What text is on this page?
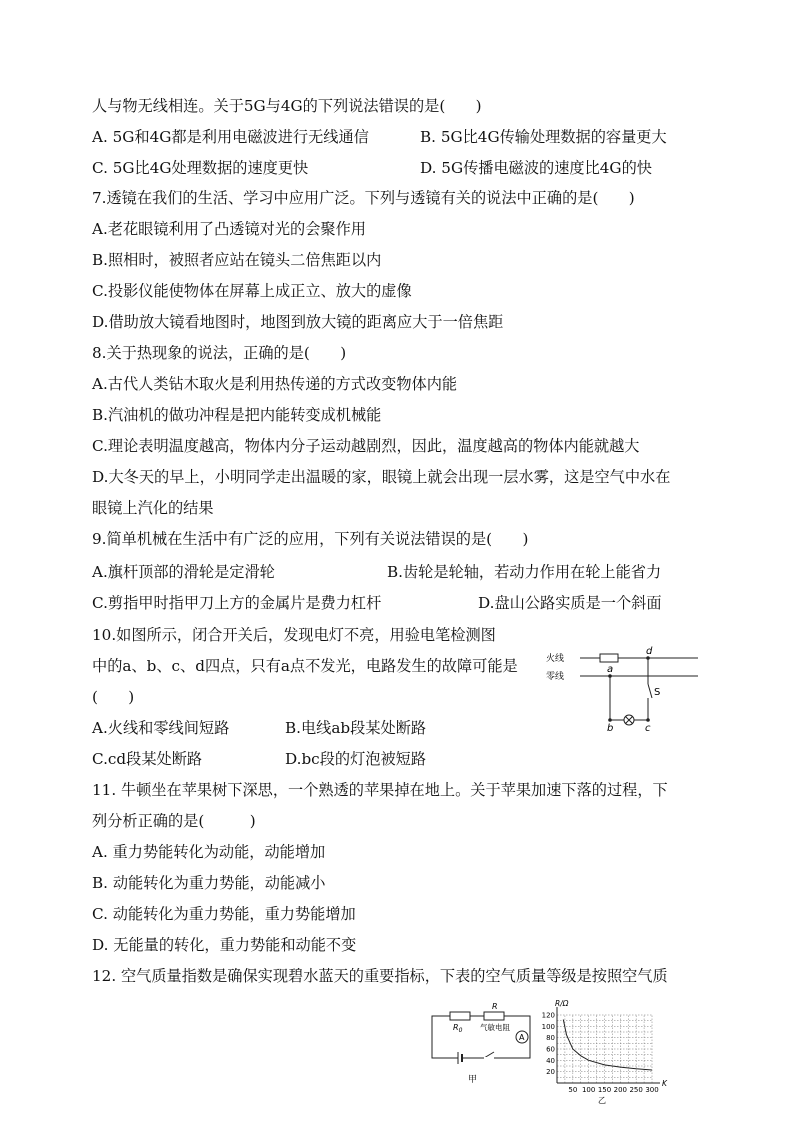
人与物无线相连。关于5G与4G的下列说法错误的是(　　)
A. 5G和4G都是利用电磁波进行无线通信	B. 5G比4G传输处理数据的容量更大
C. 5G比4G处理数据的速度更快	D. 5G传播电磁波的速度比4G的快
7.透镜在我们的生活、学习中应用广泛。下列与透镜有关的说法中正确的是(　　)
A.老花眼镜利用了凸透镜对光的会聚作用
B.照相时，被照者应站在镜头二倍焦距以内
C.投影仪能使物体在屏幕上成正立、放大的虚像
D.借助放大镜看地图时，地图到放大镜的距离应大于一倍焦距
8.关于热现象的说法，正确的是(　　)
A.古代人类钻木取火是利用热传递的方式改变物体内能
B.汽油机的做功冲程是把内能转变成机械能
C.理论表明温度越高，物体内分子运动越剧烈，因此，温度越高的物体内能就越大
D.大冬天的早上，小明同学走出温暖的家，眼镜上就会出现一层水雾，这是空气中水在
眼镜上汽化的结果
9.简单机械在生活中有广泛的应用，下列有关说法错误的是(　　)
A.旗杆顶部的滑轮是定滑轮	B.齿轮是轮轴，若动力作用在轮上能省力
C.剪指甲时指甲刀上方的金属片是费力杠杆	D.盘山公路实质是一个斜面
10.如图所示，闭合开关后，发现电灯不亮，用验电笔检测图
中的a、b、c、d四点，只有a点不发光，电路发生的故障可能是
(　　)
A.火线和零线间短路	B.电线ab段某处断路
C.cd段某处断路	D.bc段的灯泡被短路
火线
零线
a
d
b	c
S
11. 牛顿坐在苹果树下深思，一个熟透的苹果掉在地上。关于苹果加速下落的过程，下
列分析正确的是(　　　)
A. 重力势能转化为动能，动能增加
B. 动能转化为重力势能，动能减小
C. 动能转化为重力势能，重力势能增加
D. 无能量的转化，重力势能和动能不变
12. 空气质量指数是确保实现碧水蓝天的重要指标，下表的空气质量等级是按照空气质
R
$R_0$ 气敏电阻
A
甲
120
100
80
60
40
20
50 100 150 200 250 300
R/Ω
K
乙
